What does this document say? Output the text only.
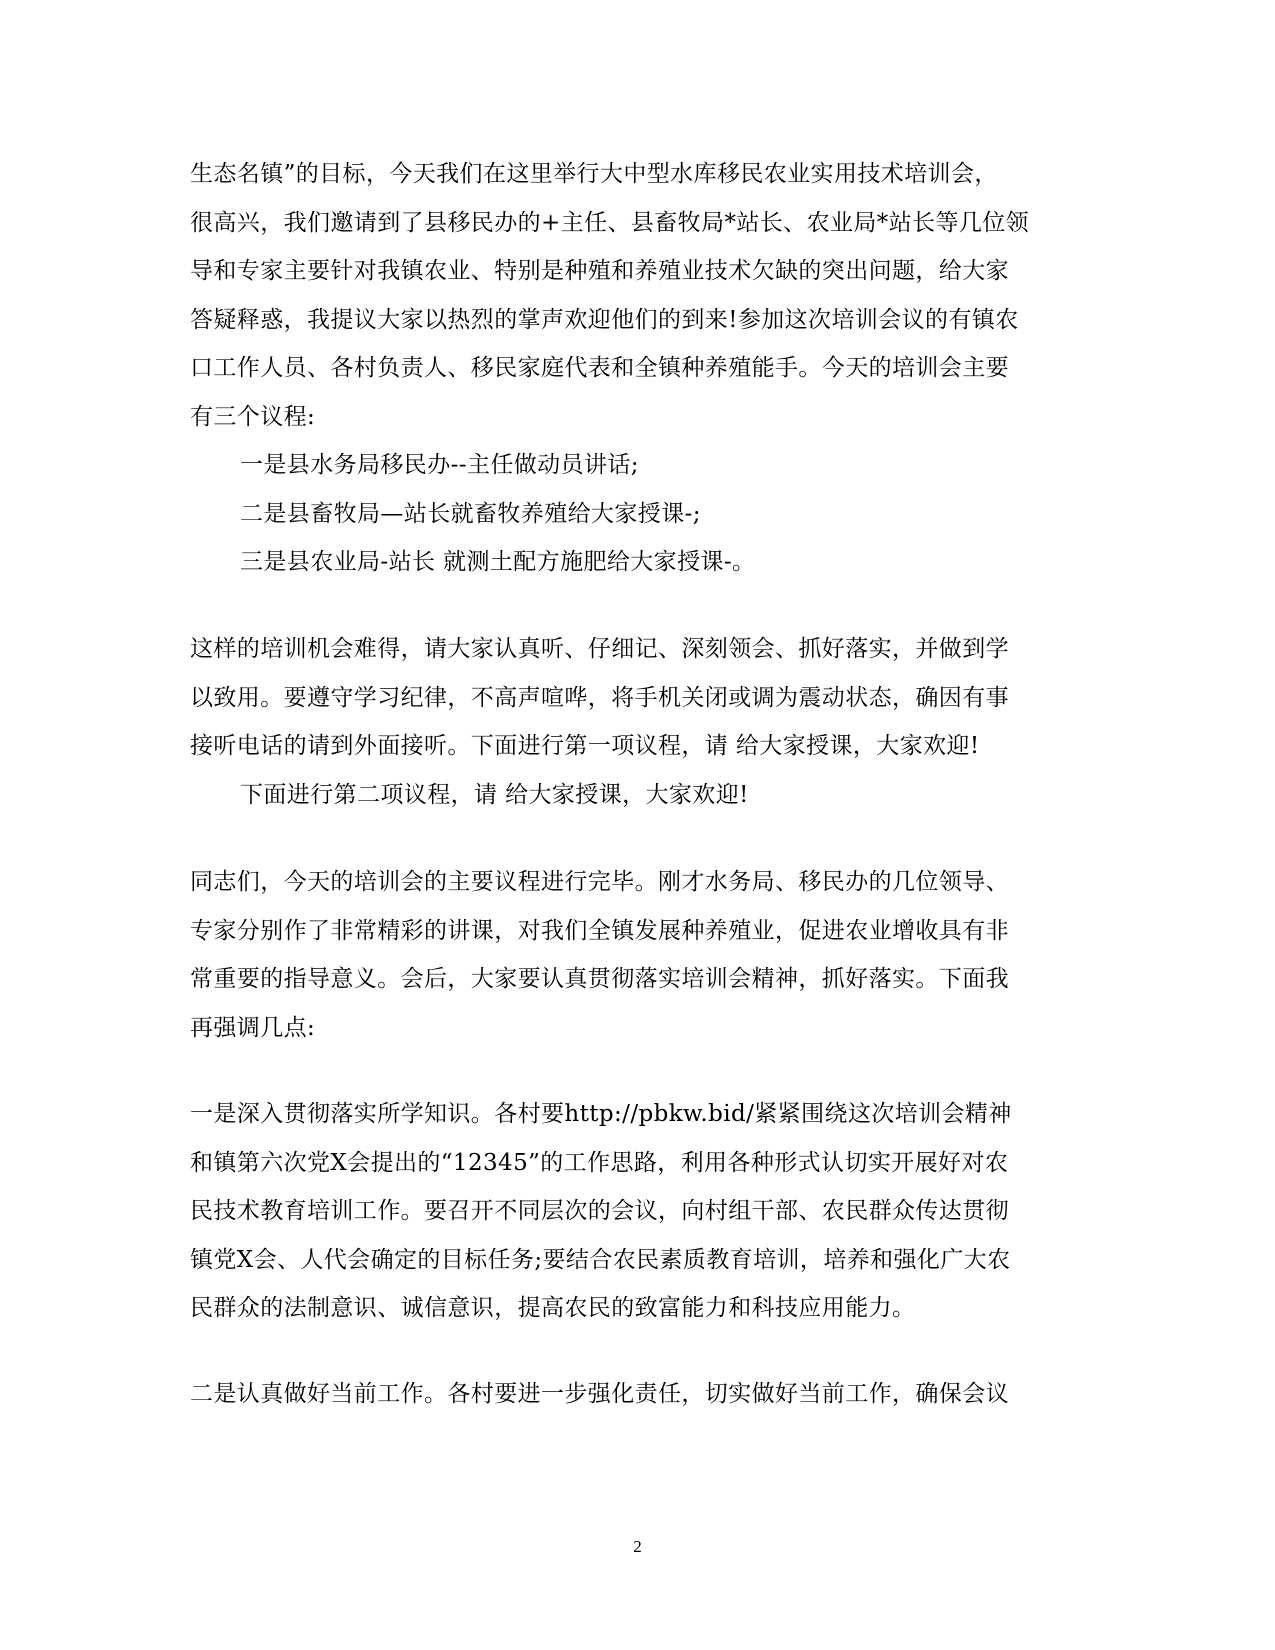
生态名镇”的目标，今天我们在这里举行大中型水库移民农业实用技术培训会，
很高兴，我们邀请到了县移民办的+主任、县畜牧局*站长、农业局*站长等几位领
导和专家主要针对我镇农业、特别是种殖和养殖业技术欠缺的突出问题，给大家
答疑释惑，我提议大家以热烈的掌声欢迎他们的到来!参加这次培训会议的有镇农
口工作人员、各村负责人、移民家庭代表和全镇种养殖能手。今天的培训会主要
有三个议程:

一是县水务局移民办--主任做动员讲话;
二是县畜牧局—站长就畜牧养殖给大家授课-;
三是县农业局-站长 就测土配方施肥给大家授课-。

这样的培训机会难得，请大家认真听、仔细记、深刻领会、抓好落实，并做到学
以致用。要遵守学习纪律，不高声喧哗，将手机关闭或调为震动状态，确因有事
接听电话的请到外面接听。下面进行第一项议程，请 给大家授课，大家欢迎!
下面进行第二项议程，请 给大家授课，大家欢迎!

同志们，今天的培训会的主要议程进行完毕。刚才水务局、移民办的几位领导、
专家分别作了非常精彩的讲课，对我们全镇发展种养殖业，促进农业增收具有非
常重要的指导意义。会后，大家要认真贯彻落实培训会精神，抓好落实。下面我
再强调几点:

一是深入贯彻落实所学知识。各村要http://pbkw.bid/紧紧围绕这次培训会精神
和镇第六次党X会提出的“12345”的工作思路，利用各种形式认切实开展好对农
民技术教育培训工作。要召开不同层次的会议，向村组干部、农民群众传达贯彻
镇党X会、人代会确定的目标任务;要结合农民素质教育培训，培养和强化广大农
民群众的法制意识、诚信意识，提高农民的致富能力和科技应用能力。

二是认真做好当前工作。各村要进一步强化责任，切实做好当前工作，确保会议

2
